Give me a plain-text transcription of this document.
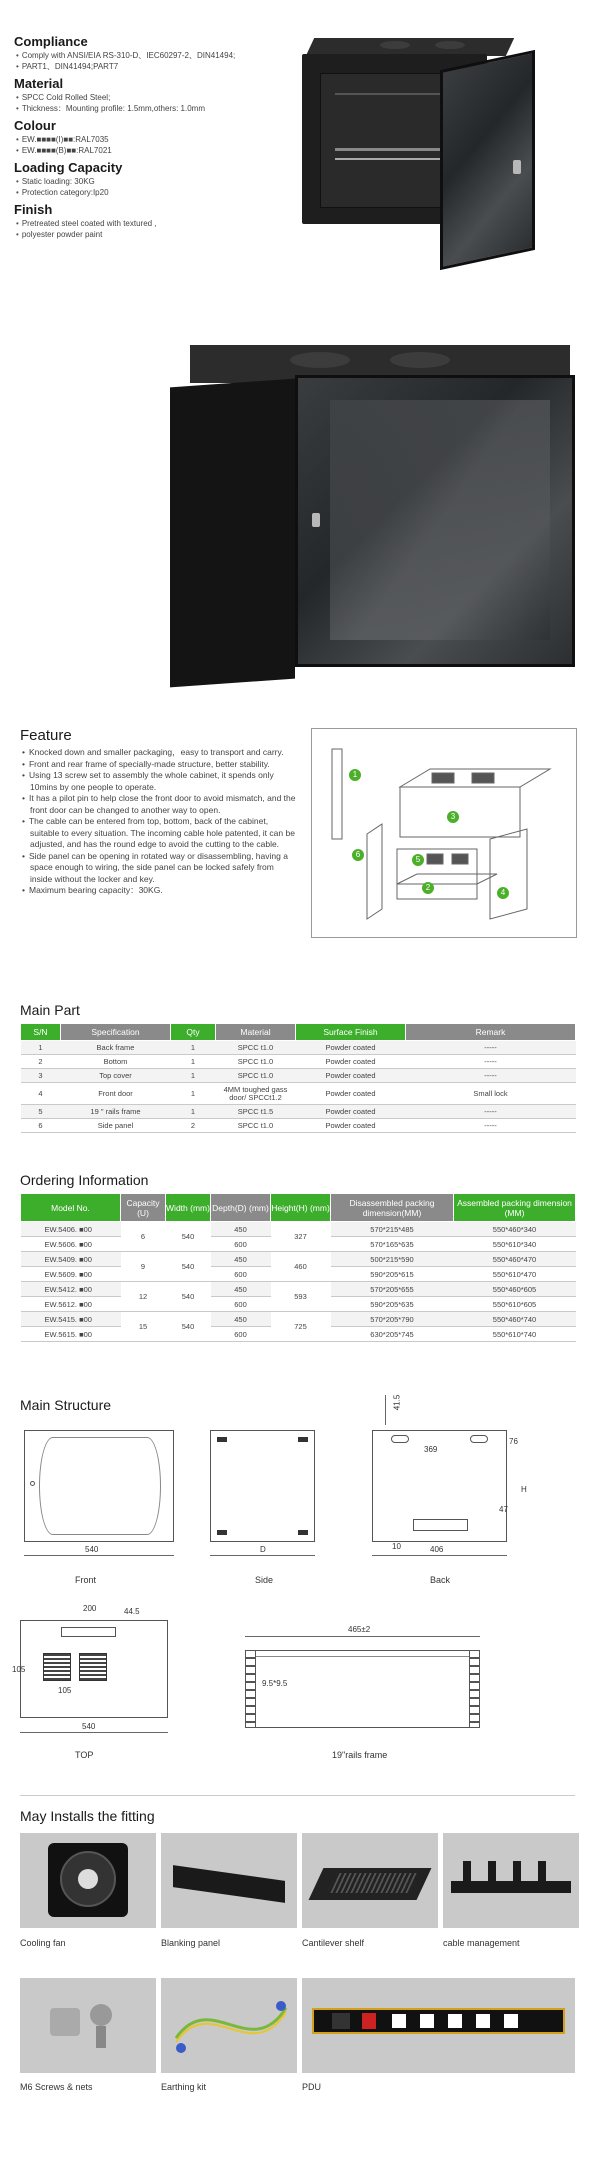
Compliance
• Comply with ANSI/EIA RS-310-D、IEC60297-2、DIN41494;
• PART1、DIN41494;PART7
Material
• SPCC Cold Rolled Steel;
• Thickness：Mounting profile: 1.5mm,others: 1.0mm
Colour
• EW.■■■■(I)■■:RAL7035
• EW.■■■■(B)■■:RAL7021
Loading Capacity
• Static loading: 30KG
• Protection category:Ip20
Finish
• Pretreated steel coated with textured ,
• polyester powder paint
Feature
• Knocked down and smaller packaging，easy to transport and carry.
• Front and rear frame of specially-made structure, better stability.
• Using 13 screw set to assembly the whole cabinet, it spends only 10mins by one people to operate.
• It has a pilot pin to help close the front door to avoid mismatch, and the front door can be changed to another way to open.
• The cable can be entered from top, bottom, back of the cabinet, suitable to every situation. The incoming cable hole patented, it can be adjusted, and has the round edge to avoid the cutting to the cable.
• Side panel can be opening in rotated way or disassembling, having a space enough to wiring, the side panel can be locked safely from inside without the locker and key.
• Maximum bearing capacity：30KG.
1
2
3
4
5
6
Main Part
S/N	Specification	Qty	Material	Surface Finish	Remark
1	Back frame	1	SPCC t1.0	Powder coated	-----
2	Bottom	1	SPCC t1.0	Powder coated	-----
3	Top cover	1	SPCC t1.0	Powder coated	-----
4	Front door	1	4MM toughed gass door/ SPCCt1.2	Powder coated	Small lock
5	19 " rails frame	1	SPCC t1.5	Powder coated	-----
6	Side panel	2	SPCC t1.0	Powder coated	-----
Ordering Information
Model No.	Capacity (U)	Width (mm)	Depth(D) (mm)	Height(H) (mm)	Disassembled packing dimension(MM)	Assembled packing dimension (MM)
EW.5406. ■00	6	540	450	327	570*215*485	550*460*340
EW.5606. ■00			600		570*165*635	550*610*340
EW.5409. ■00	9	540	450	460	500*215*590	550*460*470
EW.5609. ■00			600		590*205*615	550*610*470
EW.5412. ■00	12	540	450	593	570*205*655	550*460*605
EW.5612. ■00			600		590*205*635	550*610*605
EW.5415. ■00	15	540	450	725	570*205*790	550*460*740
EW.5615. ■00			600		630*205*745	550*610*740
Main Structure
540
Front
D
Side
41.5
369
76
H
47
10	406
Back
200	44.5
105
105
540
TOP
465±2
9.5*9.5
19"rails frame
May Installs the fitting
Cooling fan	Blanking panel	Cantilever shelf	cable management
M6 Screws & nets	Earthing kit	PDU
